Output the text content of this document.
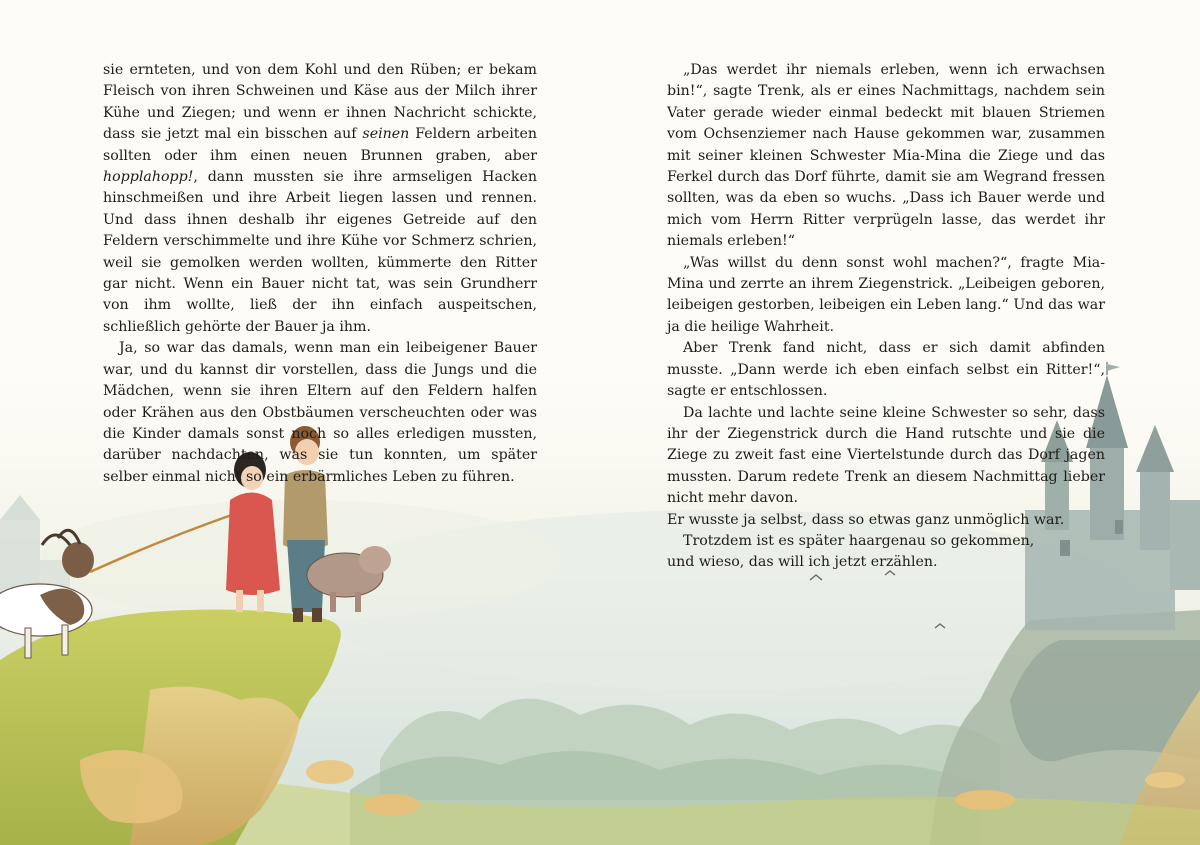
sie ernteten, und von dem Kohl und den Rüben; er bekam Fleisch von ihren Schweinen und Käse aus der Milch ihrer Kühe und Ziegen; und wenn er ihnen Nachricht schickte, dass sie jetzt mal ein bisschen auf seinen Feldern arbeiten sollten oder ihm einen neuen Brunnen graben, aber hopplahopp!, dann mussten sie ihre armseligen Hacken hinschmeißen und ihre Arbeit liegen lassen und rennen. Und dass ihnen deshalb ihr eigenes Getreide auf den Feldern verschimmelte und ihre Kühe vor Schmerz schrien, weil sie gemolken werden wollten, kümmerte den Ritter gar nicht. Wenn ein Bauer nicht tat, was sein Grundherr von ihm wollte, ließ der ihn einfach auspeitschen, schließlich gehörte der Bauer ja ihm.

Ja, so war das damals, wenn man ein leibeigener Bauer war, und du kannst dir vorstellen, dass die Jungs und die Mädchen, wenn sie ihren Eltern auf den Feldern halfen oder Krähen aus den Obstbäumen verscheuchten oder was die Kinder damals sonst noch so alles erledigen mussten, darüber nachdachten, was sie tun konnten, um später selber einmal nicht so ein erbärmliches Leben zu führen.

„Das werdet ihr niemals erleben, wenn ich erwachsen bin!“, sagte Trenk, als er eines Nachmittags, nachdem sein Vater gerade wieder einmal bedeckt mit blauen Striemen vom Ochsenziemer nach Hause gekommen war, zusammen mit seiner kleinen Schwester Mia-Mina die Ziege und das Ferkel durch das Dorf führte, damit sie am Wegrand fressen sollten, was da eben so wuchs. „Dass ich Bauer werde und mich vom Herrn Ritter verprügeln lasse, das werdet ihr niemals erleben!“

„Was willst du denn sonst wohl machen?“, fragte Mia-Mina und zerrte an ihrem Ziegenstrick. „Leibeigen geboren, leibeigen gestorben, leibeigen ein Leben lang.“ Und das war ja die heilige Wahrheit.

Aber Trenk fand nicht, dass er sich damit abfinden musste. „Dann werde ich eben einfach selbst ein Ritter!“, sagte er entschlossen.

Da lachte und lachte seine kleine Schwester so sehr, dass ihr der Ziegenstrick durch die Hand rutschte und sie die Ziege zu zweit fast eine Viertelstunde durch das Dorf jagen mussten. Darum redete Trenk an diesem Nachmittag lieber nicht mehr davon.

Er wusste ja selbst, dass so etwas ganz unmöglich war.

Trotzdem ist es später haargenau so gekommen,

und wieso, das will ich jetzt erzählen.
